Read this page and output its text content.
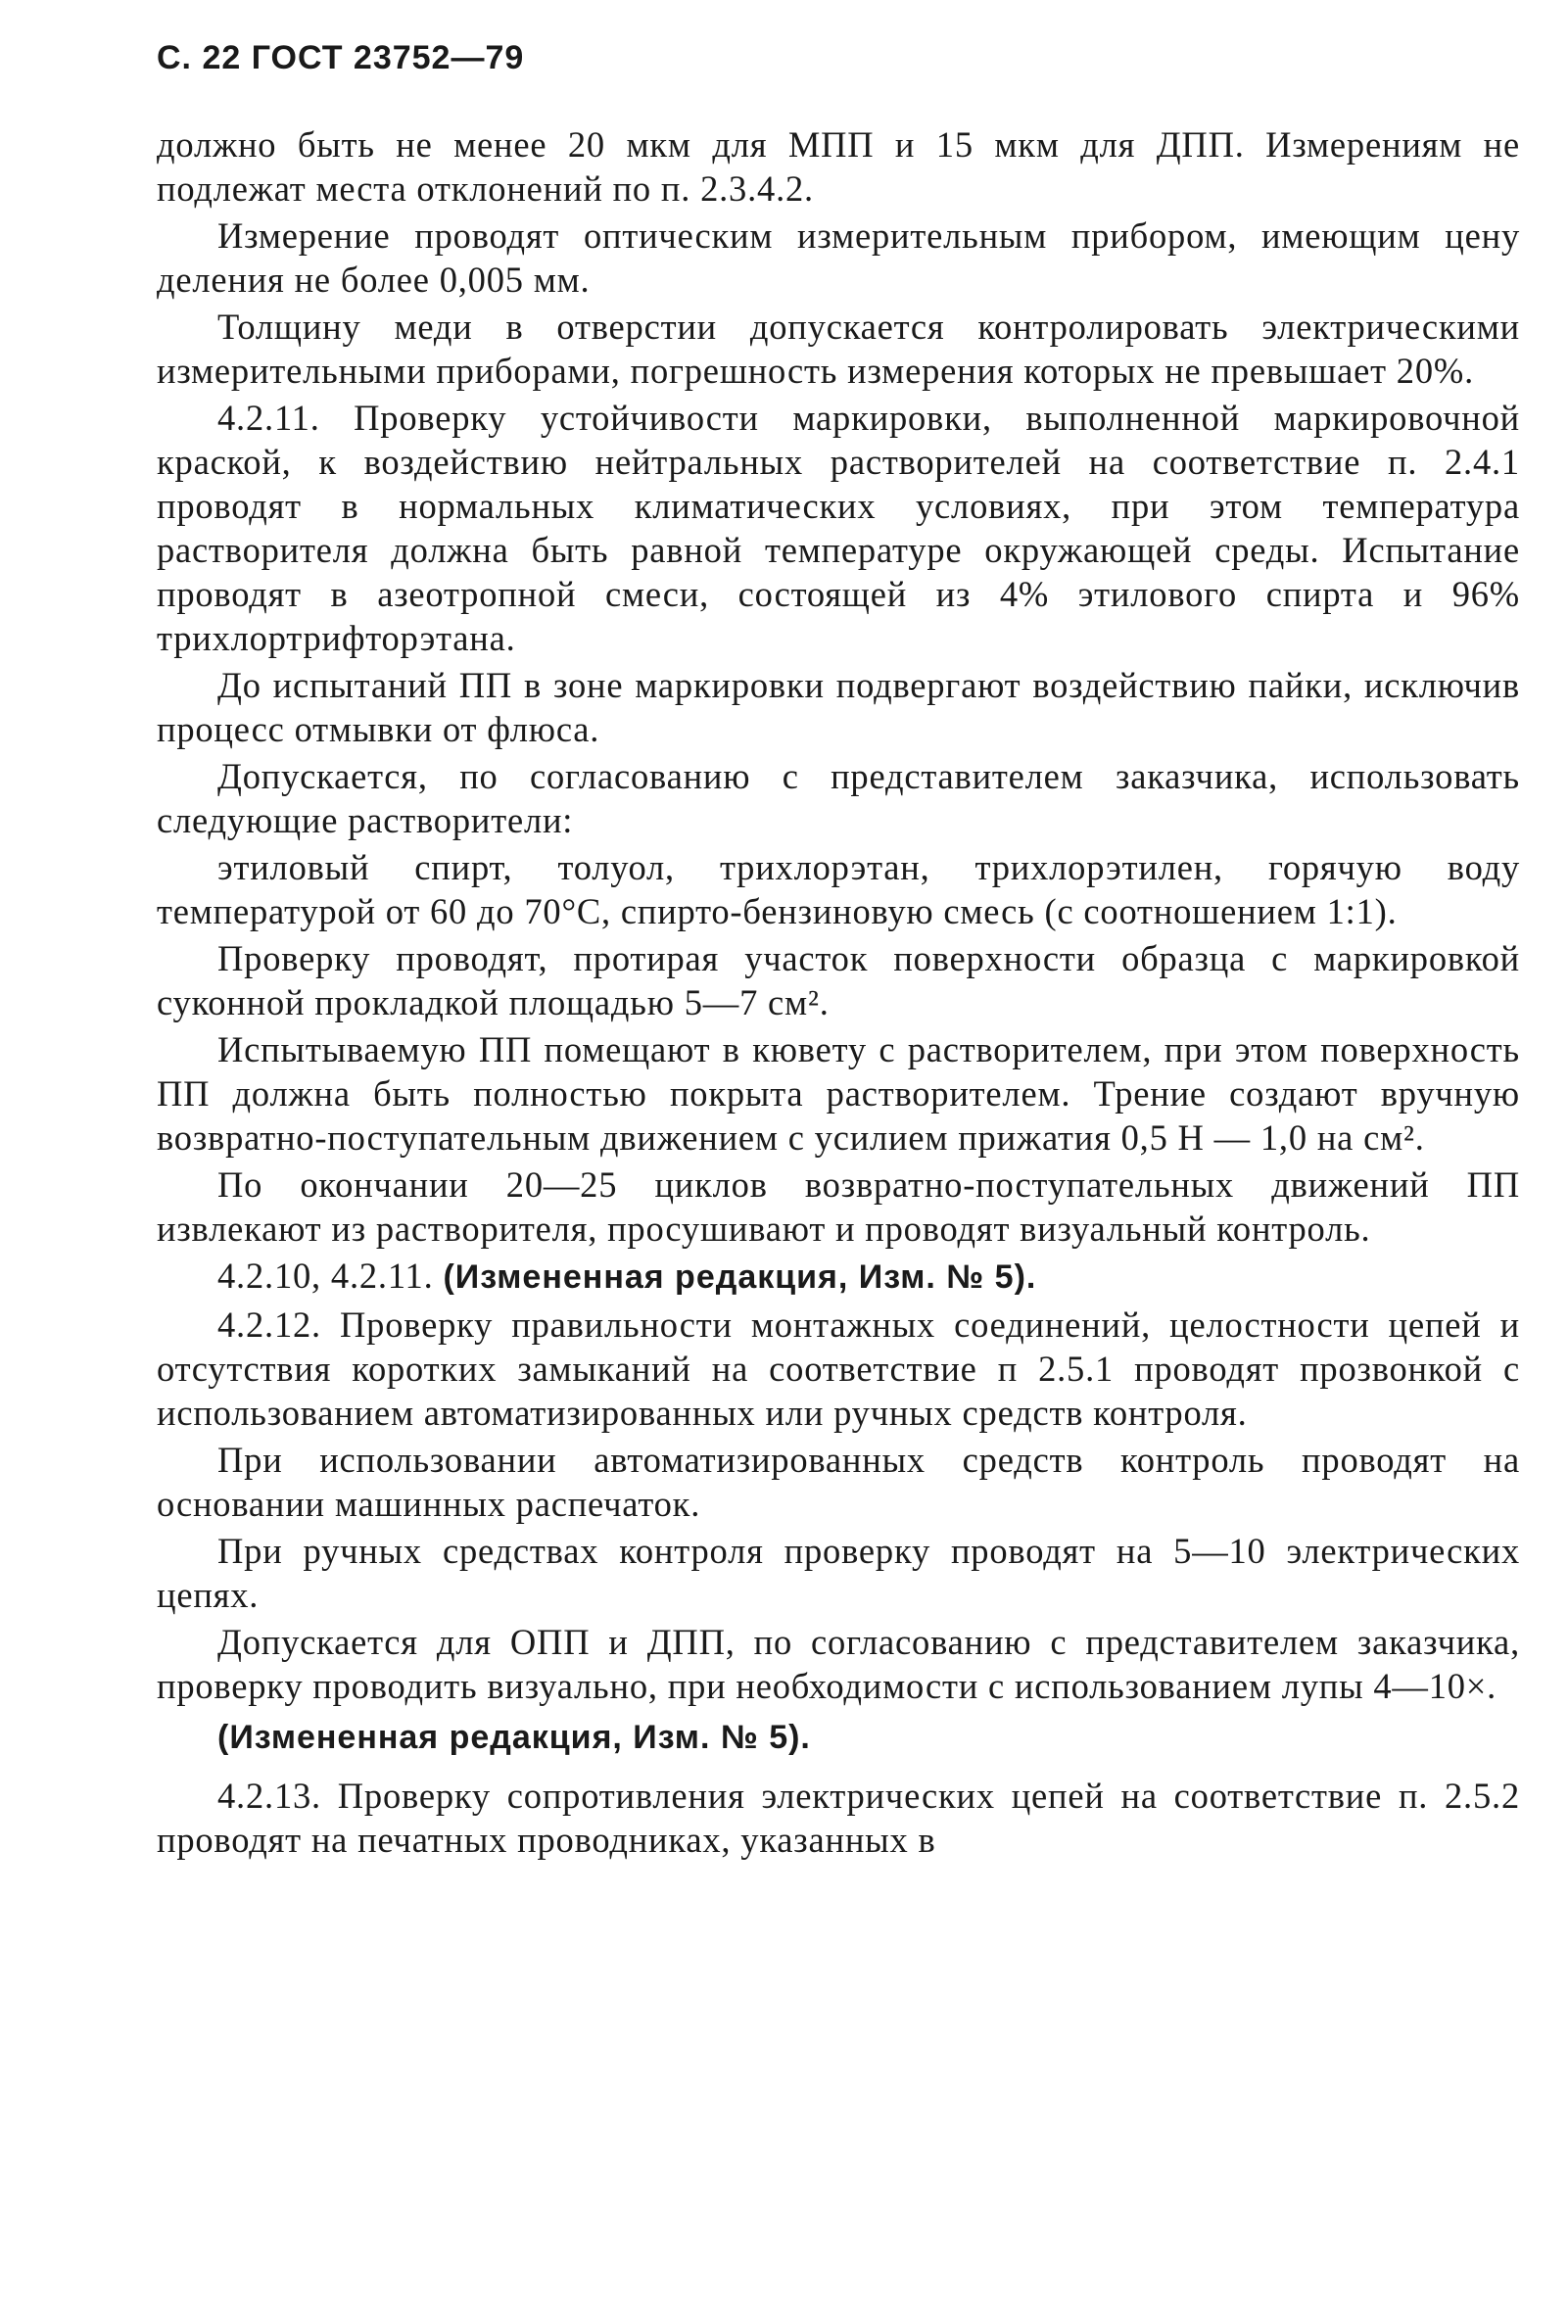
С. 22 ГОСТ 23752—79

должно быть не менее 20 мкм для МПП и 15 мкм для ДПП. Измерениям не подлежат места отклонений по п. 2.3.4.2.

Измерение проводят оптическим измерительным прибором, имеющим цену деления не более 0,005 мм.

Толщину меди в отверстии допускается контролировать электрическими измерительными приборами, погрешность измерения которых не превышает 20%.

4.2.11. Проверку устойчивости маркировки, выполненной маркировочной краской, к воздействию нейтральных растворителей на соответствие п. 2.4.1 проводят в нормальных климатических условиях, при этом температура растворителя должна быть равной температуре окружающей среды. Испытание проводят в азеотропной смеси, состоящей из 4% этилового спирта и 96% трихлортрифторэтана.

До испытаний ПП в зоне маркировки подвергают воздействию пайки, исключив процесс отмывки от флюса.

Допускается, по согласованию с представителем заказчика, использовать следующие растворители:

этиловый спирт, толуол, трихлорэтан, трихлорэтилен, горячую воду температурой от 60 до 70°С, спирто-бензиновую смесь (с соотношением 1:1).

Проверку проводят, протирая участок поверхности образца с маркировкой суконной прокладкой площадью 5—7 см².

Испытываемую ПП помещают в кювету с растворителем, при этом поверхность ПП должна быть полностью покрыта растворителем. Трение создают вручную возвратно-поступательным движением с усилием прижатия 0,5 Н — 1,0 на см².

По окончании 20—25 циклов возвратно-поступательных движений ПП извлекают из растворителя, просушивают и проводят визуальный контроль.

4.2.10, 4.2.11. (Измененная редакция, Изм. № 5).

4.2.12. Проверку правильности монтажных соединений, целостности цепей и отсутствия коротких замыканий на соответствие п 2.5.1 проводят прозвонкой с использованием автоматизированных или ручных средств контроля.

При использовании автоматизированных средств контроль проводят на основании машинных распечаток.

При ручных средствах контроля проверку проводят на 5—10 электрических цепях.

Допускается для ОПП и ДПП, по согласованию с представителем заказчика, проверку проводить визуально, при необходимости с использованием лупы 4—10×.

(Измененная редакция, Изм. № 5).

4.2.13. Проверку сопротивления электрических цепей на соответствие п. 2.5.2 проводят на печатных проводниках, указанных в
